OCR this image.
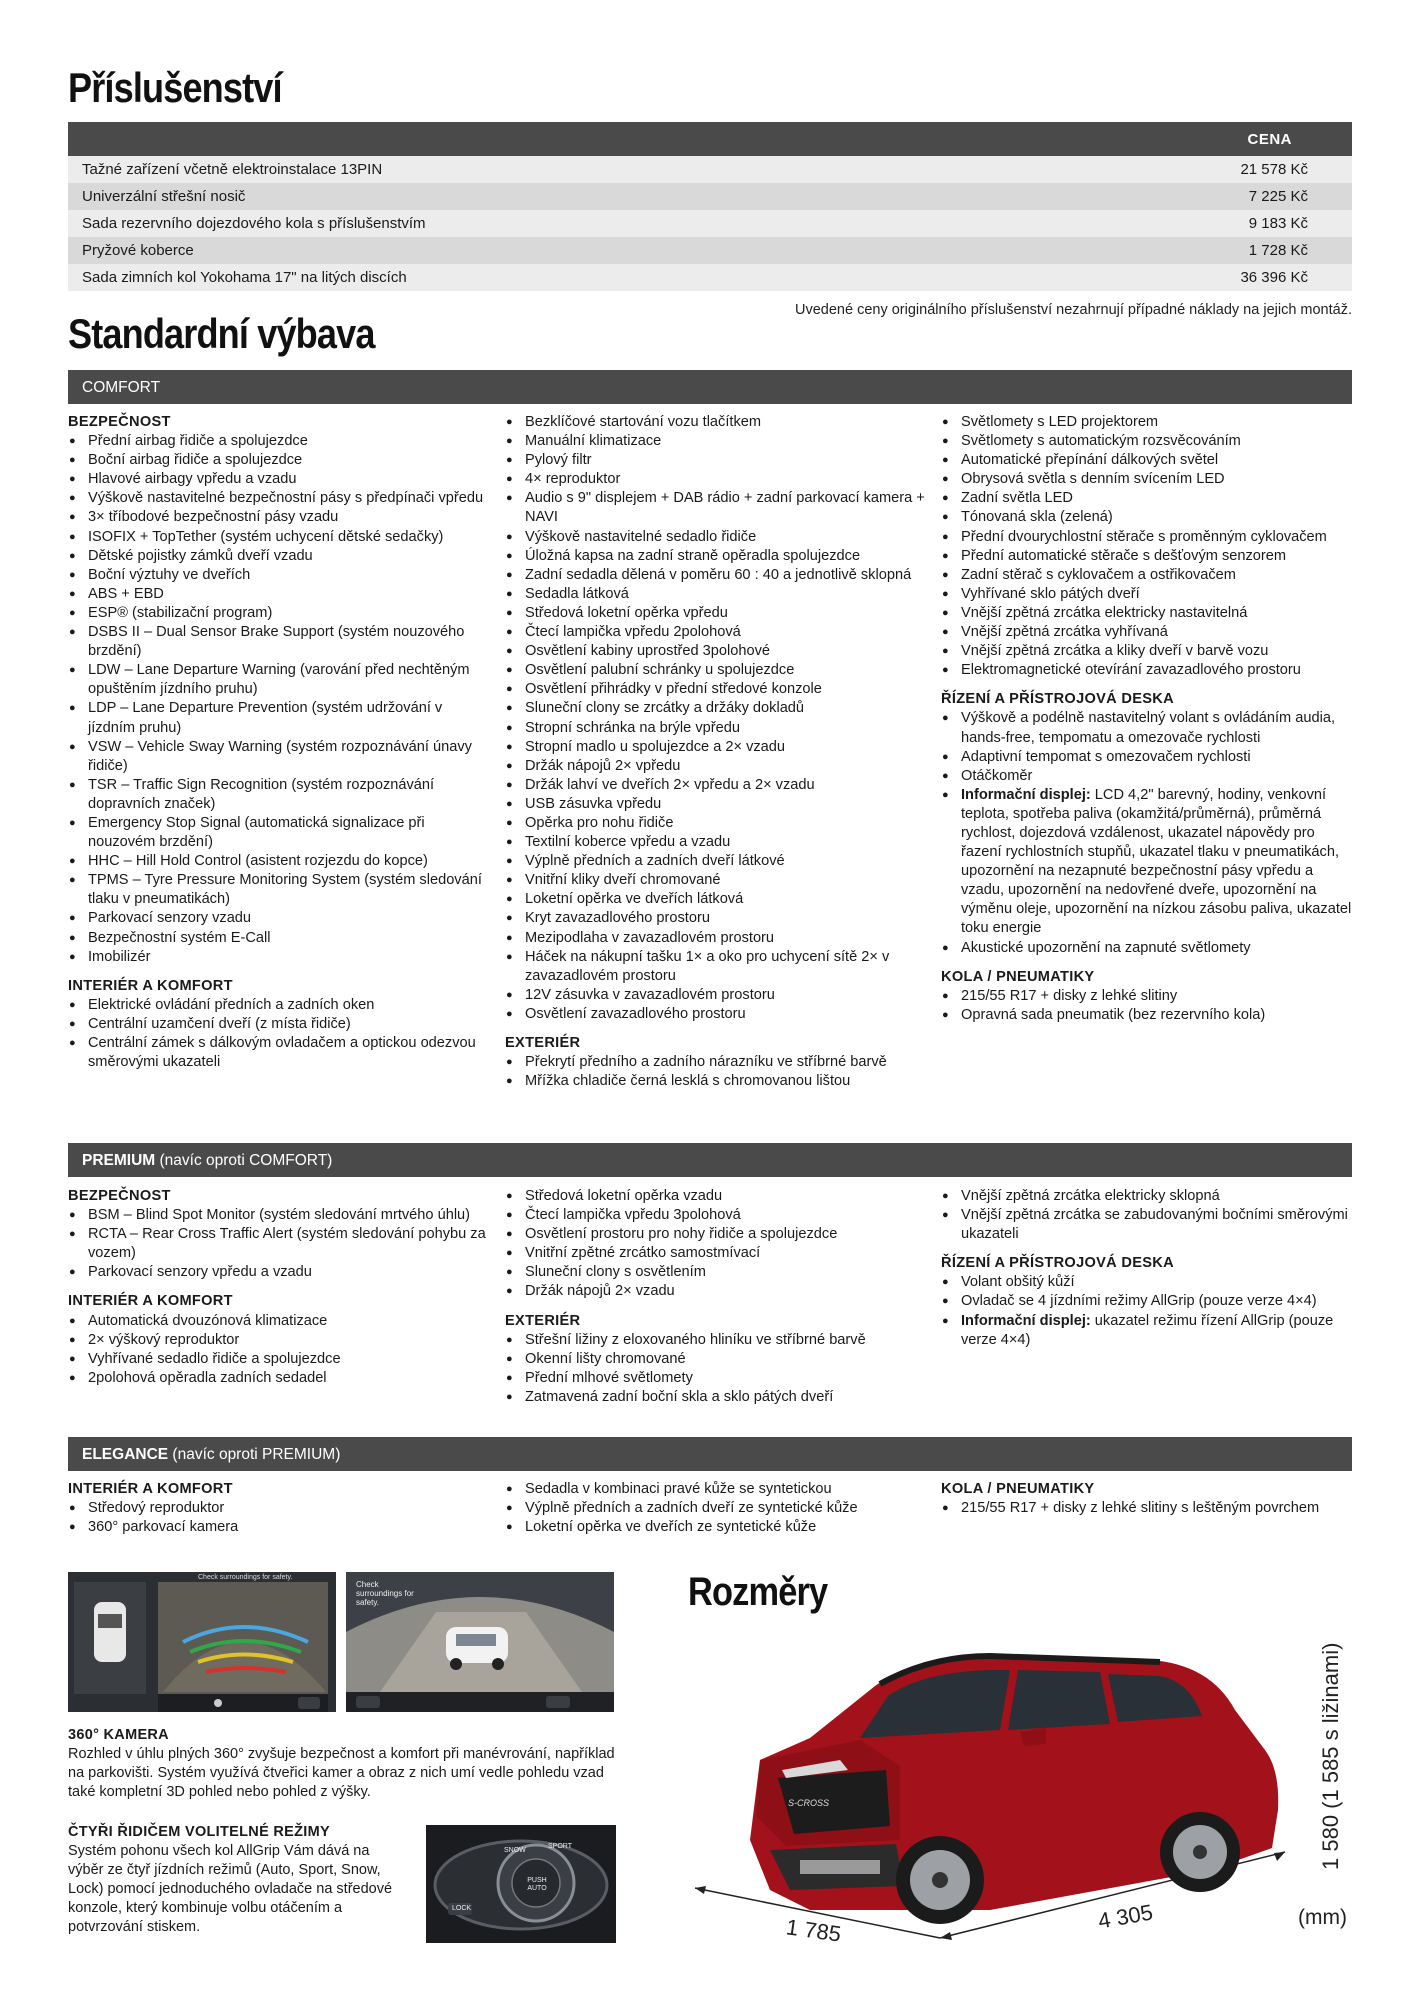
Příslušenství
CENA
Tažné zařízení včetně elektroinstalace 13PIN	21 578 Kč
Univerzální střešní nosič	7 225 Kč
Sada rezervního dojezdového kola s příslušenstvím	9 183 Kč
Pryžové koberce	1 728 Kč
Sada zimních kol Yokohama 17" na litých discích	36 396 Kč
Uvedené ceny originálního příslušenství nezahrnují případné náklady na jejich montáž.
Standardní výbava
COMFORT
BEZPEČNOST
● Přední airbag řidiče a spolujezdce
● Boční airbag řidiče a spolujezdce
● Hlavové airbagy vpředu a vzadu
● Výškově nastavitelné bezpečnostní pásy s předpínači vpředu
● 3× tříbodové bezpečnostní pásy vzadu
● ISOFIX + TopTether (systém uchycení dětské sedačky)
● Dětské pojistky zámků dveří vzadu
● Boční výztuhy ve dveřích
● ABS + EBD
● ESP® (stabilizační program)
● DSBS II – Dual Sensor Brake Support (systém nouzového brzdění)
● LDW – Lane Departure Warning (varování před nechtěným opuštěním jízdního pruhu)
● LDP – Lane Departure Prevention (systém udržování v jízdním pruhu)
● VSW – Vehicle Sway Warning (systém rozpoznávání únavy řidiče)
● TSR – Traffic Sign Recognition (systém rozpoznávání dopravních značek)
● Emergency Stop Signal (automatická signalizace při nouzovém brzdění)
● HHC – Hill Hold Control (asistent rozjezdu do kopce)
● TPMS – Tyre Pressure Monitoring System (systém sledování tlaku v pneumatikách)
● Parkovací senzory vzadu
● Bezpečnostní systém E-Call
● Imobilizér
INTERIÉR A KOMFORT
● Elektrické ovládání předních a zadních oken
● Centrální uzamčení dveří (z místa řidiče)
● Centrální zámek s dálkovým ovladačem a optickou odezvou směrovými ukazateli
● Bezklíčové startování vozu tlačítkem
● Manuální klimatizace
● Pylový filtr
● 4× reproduktor
● Audio s 9" displejem + DAB rádio + zadní parkovací kamera + NAVI
● Výškově nastavitelné sedadlo řidiče
● Úložná kapsa na zadní straně opěradla spolujezdce
● Zadní sedadla dělená v poměru 60 : 40 a jednotlivě sklopná
● Sedadla látková
● Středová loketní opěrka vpředu
● Čtecí lampička vpředu 2polohová
● Osvětlení kabiny uprostřed 3polohové
● Osvětlení palubní schránky u spolujezdce
● Osvětlení přihrádky v přední středové konzole
● Sluneční clony se zrcátky a držáky dokladů
● Stropní schránka na brýle vpředu
● Stropní madlo u spolujezdce a 2× vzadu
● Držák nápojů 2× vpředu
● Držák lahví ve dveřích 2× vpředu a 2× vzadu
● USB zásuvka vpředu
● Opěrka pro nohu řidiče
● Textilní koberce vpředu a vzadu
● Výplně předních a zadních dveří látkové
● Vnitřní kliky dveří chromované
● Loketní opěrka ve dveřích látková
● Kryt zavazadlového prostoru
● Mezipodlaha v zavazadlovém prostoru
● Háček na nákupní tašku 1× a oko pro uchycení sítě 2× v zavazadlovém prostoru
● 12V zásuvka v zavazadlovém prostoru
● Osvětlení zavazadlového prostoru
EXTERIÉR
● Překrytí předního a zadního nárazníku ve stříbrné barvě
● Mřížka chladiče černá lesklá s chromovanou lištou
● Světlomety s LED projektorem
● Světlomety s automatickým rozsvěcováním
● Automatické přepínání dálkových světel
● Obrysová světla s denním svícením LED
● Zadní světla LED
● Tónovaná skla (zelená)
● Přední dvourychlostní stěrače s proměnným cyklovačem
● Přední automatické stěrače s dešťovým senzorem
● Zadní stěrač s cyklovačem a ostřikovačem
● Vyhřívané sklo pátých dveří
● Vnější zpětná zrcátka elektricky nastavitelná
● Vnější zpětná zrcátka vyhřívaná
● Vnější zpětná zrcátka a kliky dveří v barvě vozu
● Elektromagnetické otevírání zavazadlového prostoru
ŘÍZENÍ A PŘÍSTROJOVÁ DESKA
● Výškově a podélně nastavitelný volant s ovládáním audia, hands-free, tempomatu a omezovače rychlosti
● Adaptivní tempomat s omezovačem rychlosti
● Otáčkoměr
● Informační displej: LCD 4,2" barevný, hodiny, venkovní teplota, spotřeba paliva (okamžitá/průměrná), průměrná rychlost, dojezdová vzdálenost, ukazatel nápovědy pro řazení rychlostních stupňů, ukazatel tlaku v pneumatikách, upozornění na nezapnuté bezpečnostní pásy vpředu a vzadu, upozornění na nedovřené dveře, upozornění na výměnu oleje, upozornění na nízkou zásobu paliva, ukazatel toku energie
● Akustické upozornění na zapnuté světlomety
KOLA / PNEUMATIKY
● 215/55 R17 + disky z lehké slitiny
● Opravná sada pneumatik (bez rezervního kola)
PREMIUM (navíc oproti COMFORT)
BEZPEČNOST
● BSM – Blind Spot Monitor (systém sledování mrtvého úhlu)
● RCTA – Rear Cross Traffic Alert (systém sledování pohybu za vozem)
● Parkovací senzory vpředu a vzadu
INTERIÉR A KOMFORT
● Automatická dvouzónová klimatizace
● 2× výškový reproduktor
● Vyhřívané sedadlo řidiče a spolujezdce
● 2polohová opěradla zadních sedadel
● Středová loketní opěrka vzadu
● Čtecí lampička vpředu 3polohová
● Osvětlení prostoru pro nohy řidiče a spolujezdce
● Vnitřní zpětné zrcátko samostmívací
● Sluneční clony s osvětlením
● Držák nápojů 2× vzadu
EXTERIÉR
● Střešní ližiny z eloxovaného hliníku ve stříbrné barvě
● Okenní lišty chromované
● Přední mlhové světlomety
● Zatmavená zadní boční skla a sklo pátých dveří
● Vnější zpětná zrcátka elektricky sklopná
● Vnější zpětná zrcátka se zabudovanými bočními směrovými ukazateli
ŘÍZENÍ A PŘÍSTROJOVÁ DESKA
● Volant obšitý kůží
● Ovladač se 4 jízdními režimy AllGrip (pouze verze 4×4)
● Informační displej: ukazatel režimu řízení AllGrip (pouze verze 4×4)
ELEGANCE (navíc oproti PREMIUM)
INTERIÉR A KOMFORT
● Středový reproduktor
● 360° parkovací kamera
● Sedadla v kombinaci pravé kůže se syntetickou
● Výplně předních a zadních dveří ze syntetické kůže
● Loketní opěrka ve dveřích ze syntetické kůže
KOLA / PNEUMATIKY
● 215/55 R17 + disky z lehké slitiny s leštěným povrchem
Check surroundings for safety.
Check surroundings for safety.
360° KAMERA
Rozhled v úhlu plných 360° zvyšuje bezpečnost a komfort při manévrování, například na parkovišti. Systém využívá čtveřici kamer a obraz z nich umí vedle pohledu vzad také kompletní 3D pohled nebo pohled z výšky.
ČTYŘI ŘIDIČEM VOLITELNÉ REŽIMY
Systém pohonu všech kol AllGrip Vám dává na výběr ze čtyř jízdních režimů (Auto, Sport, Snow, Lock) pomocí jednoduchého ovladače na středové konzole, který kombinuje volbu otáčením a potvrzování stiskem.
SNOW
SPORT
LOCK
PUSH AUTO
Rozměry
S-CROSS	1 580 (1 585 s ližinami)
1 785	4 305	(mm)
